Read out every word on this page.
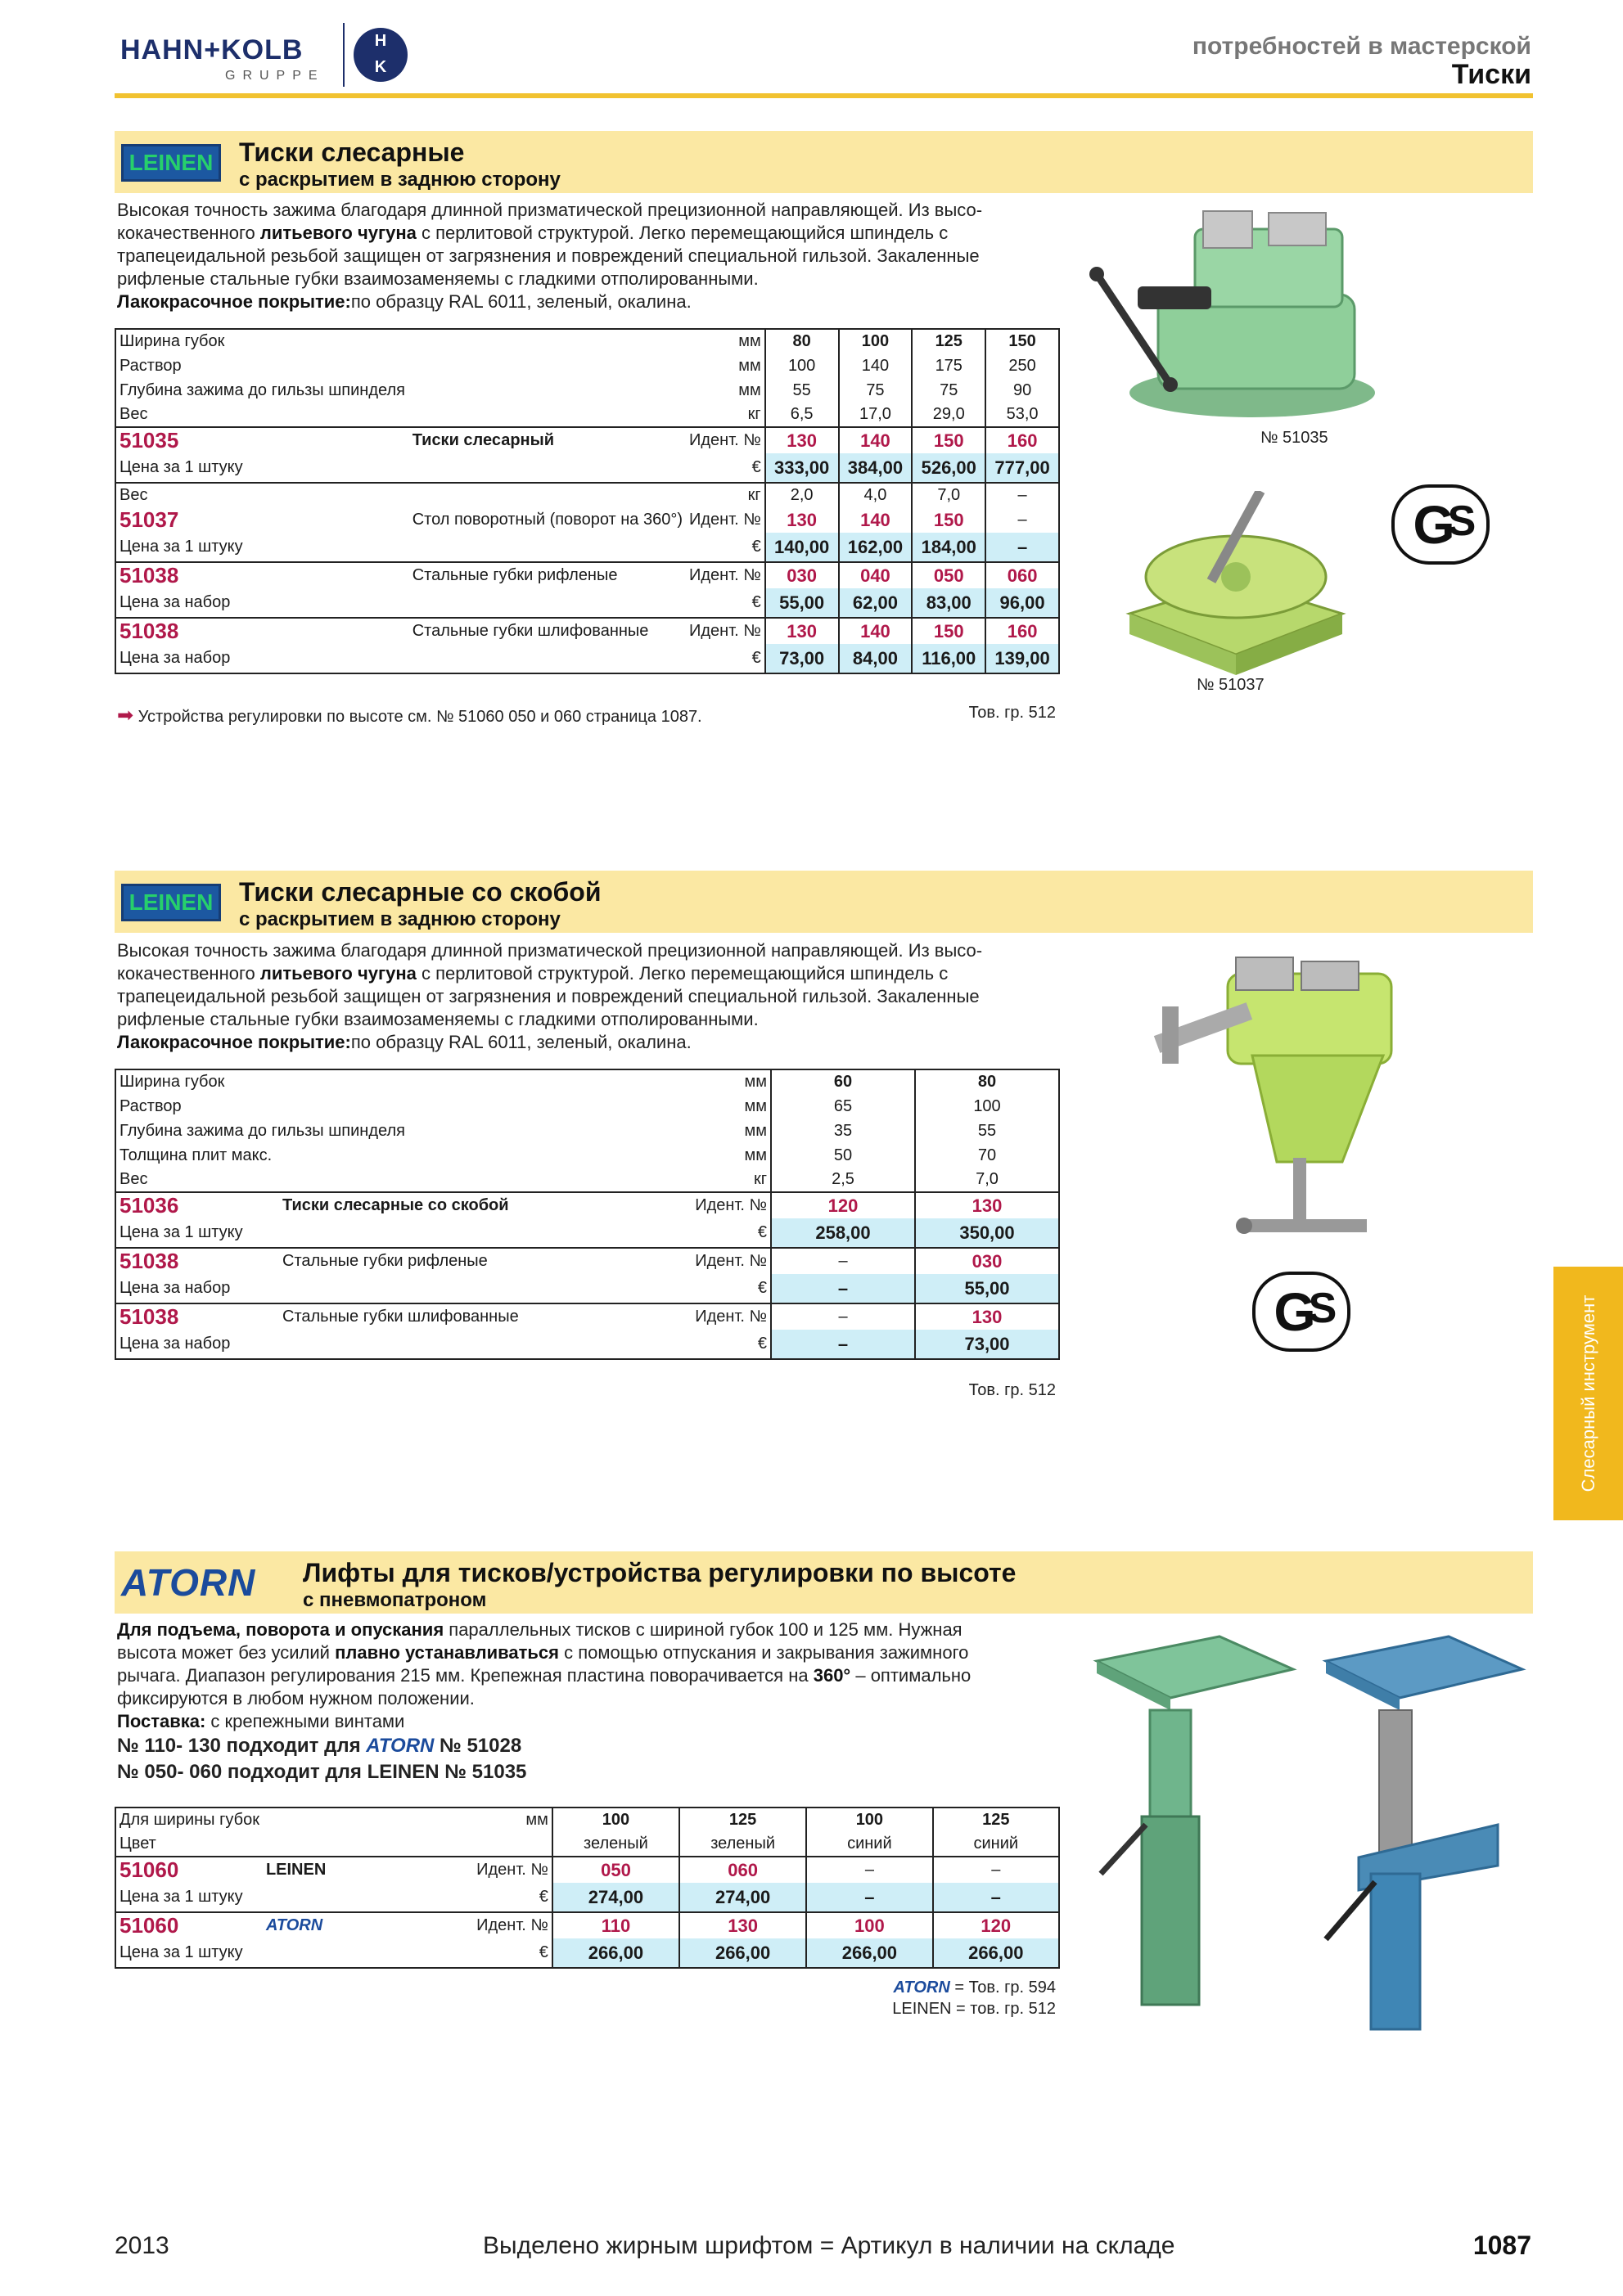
HAHN+KOLB
GRUPPE
H
K
потребностей в мастерской
Тиски
LEINEN Тиски слесарные
с раскрытием в заднюю сторону
Высокая точность зажима благодаря длинной призматической прецизионной направляющей. Из высо-
кокачественного литьевого чугуна с перлитовой структурой. Легко перемещающийся шпиндель с
трапецеидальной резьбой защищен от загрязнения и повреждений специальной гильзой. Закаленные
рифленые стальные губки взаимозаменяемы с гладкими отполированными.
Лакокрасочное покрытие:по образцу RAL 6011, зеленый, окалина.
Ширина губок		мм	80	100	125	150
Раствор		мм	100	140	175	250
Глубина зажима до гильзы шпинделя		мм	55	75	75	90
Вес		кг	6,5	17,0	29,0	53,0
51035	Тиски слесарный	Идент. №	130	140	150	160
Цена за 1 штуку		€	333,00	384,00	526,00	777,00
Вес		кг	2,0	4,0	7,0	–
51037	Стол поворотный (поворот на 360°)	Идент. №	130	140	150	–
Цена за 1 штуку		€	140,00	162,00	184,00	–
51038	Стальные губки рифленые	Идент. №	030	040	050	060
Цена за набор		€	55,00	62,00	83,00	96,00
51038	Стальные губки шлифованные	Идент. №	130	140	150	160
Цена за набор		€	73,00	84,00	116,00	139,00
➡ Устройства регулировки по высоте см. № 51060 050 и 060 страница 1087.	Тов. гр. 512
№ 51035
№ 51037
G
S
LEINEN Тиски слесарные со скобой
с раскрытием в заднюю сторону
Высокая точность зажима благодаря длинной призматической прецизионной направляющей. Из высо-
кокачественного литьевого чугуна с перлитовой структурой. Легко перемещающийся шпиндель с
трапецеидальной резьбой защищен от загрязнения и повреждений специальной гильзой. Закаленные
рифленые стальные губки взаимозаменяемы с гладкими отполированными.
Лакокрасочное покрытие:по образцу RAL 6011, зеленый, окалина.
Ширина губок		мм	60	80
Раствор		мм	65	100
Глубина зажима до гильзы шпинделя		мм	35	55
Толщина плит макс.		мм	50	70
Вес		кг	2,5	7,0
51036	Тиски слесарные со скобой	Идент. №	120	130
Цена за 1 штуку		€	258,00	350,00
51038	Стальные губки рифленые	Идент. №	–	030
Цена за набор		€	–	55,00
51038	Стальные губки шлифованные	Идент. №	–	130
Цена за набор		€	–	73,00
Тов. гр. 512
G
S	Слесарный инструмент
ATORN	Лифты для тисков/устройства регулировки по высоте
с пневмопатроном
Для подъема, поворота и опускания параллельных тисков с шириной губок 100 и 125 мм. Нужная
высота может без усилий плавно устанавливаться с помощью отпускания и закрывания зажимного
рычага. Диапазон регулирования 215 мм. Крепежная пластина поворачивается на 360° – оптимально
фиксируются в любом нужном положении.
Поставка: с крепежными винтами
№ 110- 130 подходит для ATORN № 51028
№ 050- 060 подходит для LEINEN № 51035
Для ширины губок		мм	100	125	100	125
Цвет			зеленый	зеленый	синий	синий
51060	LEINEN	Идент. №	050	060	–	–
Цена за 1 штуку		€	274,00	274,00	–	–
51060	ATORN	Идент. №	110	130	100	120
Цена за 1 штуку		€	266,00	266,00	266,00	266,00
ATORN = Тов. гр. 594
LEINEN = тов. гр. 512
2013	Выделено жирным шрифтом = Артикул в наличии на складе	1087
